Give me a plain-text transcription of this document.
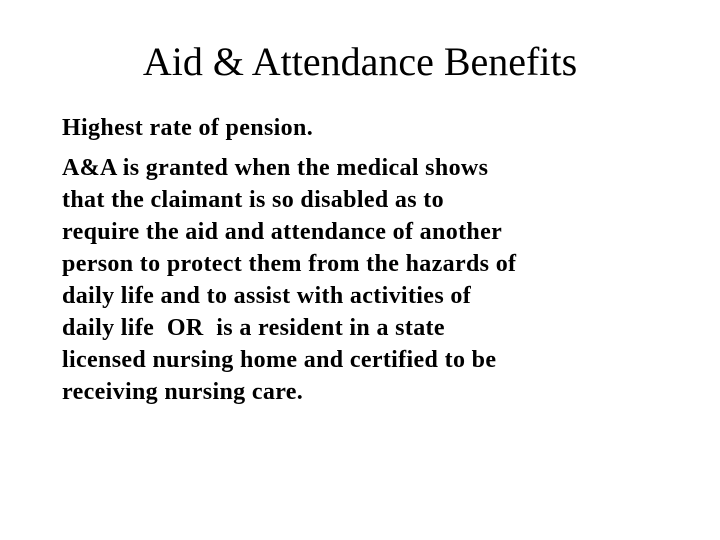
Aid & Attendance Benefits

Highest rate of pension.

A&A is granted when the medical shows
that the claimant is so disabled as to
require the aid and attendance of another
person to protect them from the hazards of
daily life and to assist with activities of
daily life  OR  is a resident in a state
licensed nursing home and certified to be
receiving nursing care.
